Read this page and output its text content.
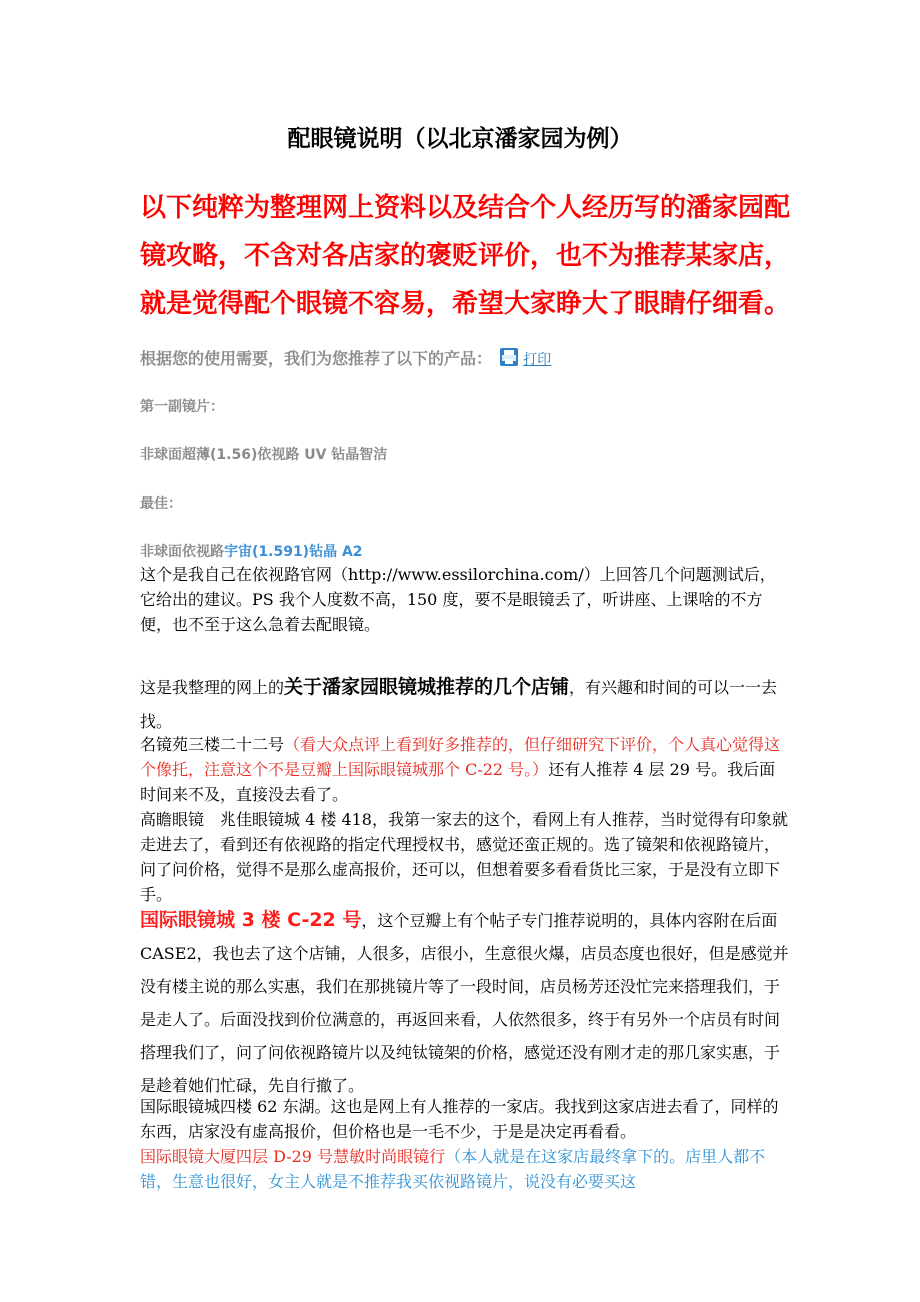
配眼镜说明（以北京潘家园为例）
以下纯粹为整理网上资料以及结合个人经历写的潘家园配镜攻略，不含对各店家的褒贬评价，也不为推荐某家店，就是觉得配个眼镜不容易，希望大家睁大了眼睛仔细看。
根据您的使用需要，我们为您推荐了以下的产品： 打印
第一副镜片：
非球面超薄(1.56)依视路 UV 钻晶智洁
最佳：
非球面依视路宇宙(1.591)钻晶 A2

这个是我自己在依视路官网（http://www.essilorchina.com/）上回答几个问题测试后，它给出的建议。PS 我个人度数不高，150 度，要不是眼镜丢了，听讲座、上课啥的不方便，也不至于这么急着去配眼镜。

这是我整理的网上的关于潘家园眼镜城推荐的几个店铺，有兴趣和时间的可以一一去找。

名镜苑三楼二十二号（看大众点评上看到好多推荐的，但仔细研究下评价，个人真心觉得这个像托，注意这个不是豆瓣上国际眼镜城那个 C-22 号。）还有人推荐 4 层 29 号。我后面时间来不及，直接没去看了。

高瞻眼镜　兆佳眼镜城 4 楼 418，我第一家去的这个，看网上有人推荐，当时觉得有印象就走进去了，看到还有依视路的指定代理授权书，感觉还蛮正规的。选了镜架和依视路镜片，问了问价格，觉得不是那么虚高报价，还可以，但想着要多看看货比三家，于是没有立即下手。

国际眼镜城 3 楼 C-22 号，这个豆瓣上有个帖子专门推荐说明的，具体内容附在后面 CASE2，我也去了这个店铺，人很多，店很小，生意很火爆，店员态度也很好，但是感觉并没有楼主说的那么实惠，我们在那挑镜片等了一段时间，店员杨芳还没忙完来搭理我们，于是走人了。后面没找到价位满意的，再返回来看，人依然很多，终于有另外一个店员有时间搭理我们了，问了问依视路镜片以及纯钛镜架的价格，感觉还没有刚才走的那几家实惠，于是趁着她们忙碌，先自行撤了。

国际眼镜城四楼 62 东湖。这也是网上有人推荐的一家店。我找到这家店进去看了，同样的东西，店家没有虚高报价，但价格也是一毛不少，于是是决定再看看。

国际眼镜大厦四层 D-29 号慧敏时尚眼镜行（本人就是在这家店最终拿下的。店里人都不错，生意也很好，女主人就是不推荐我买依视路镜片，说没有必要买这
